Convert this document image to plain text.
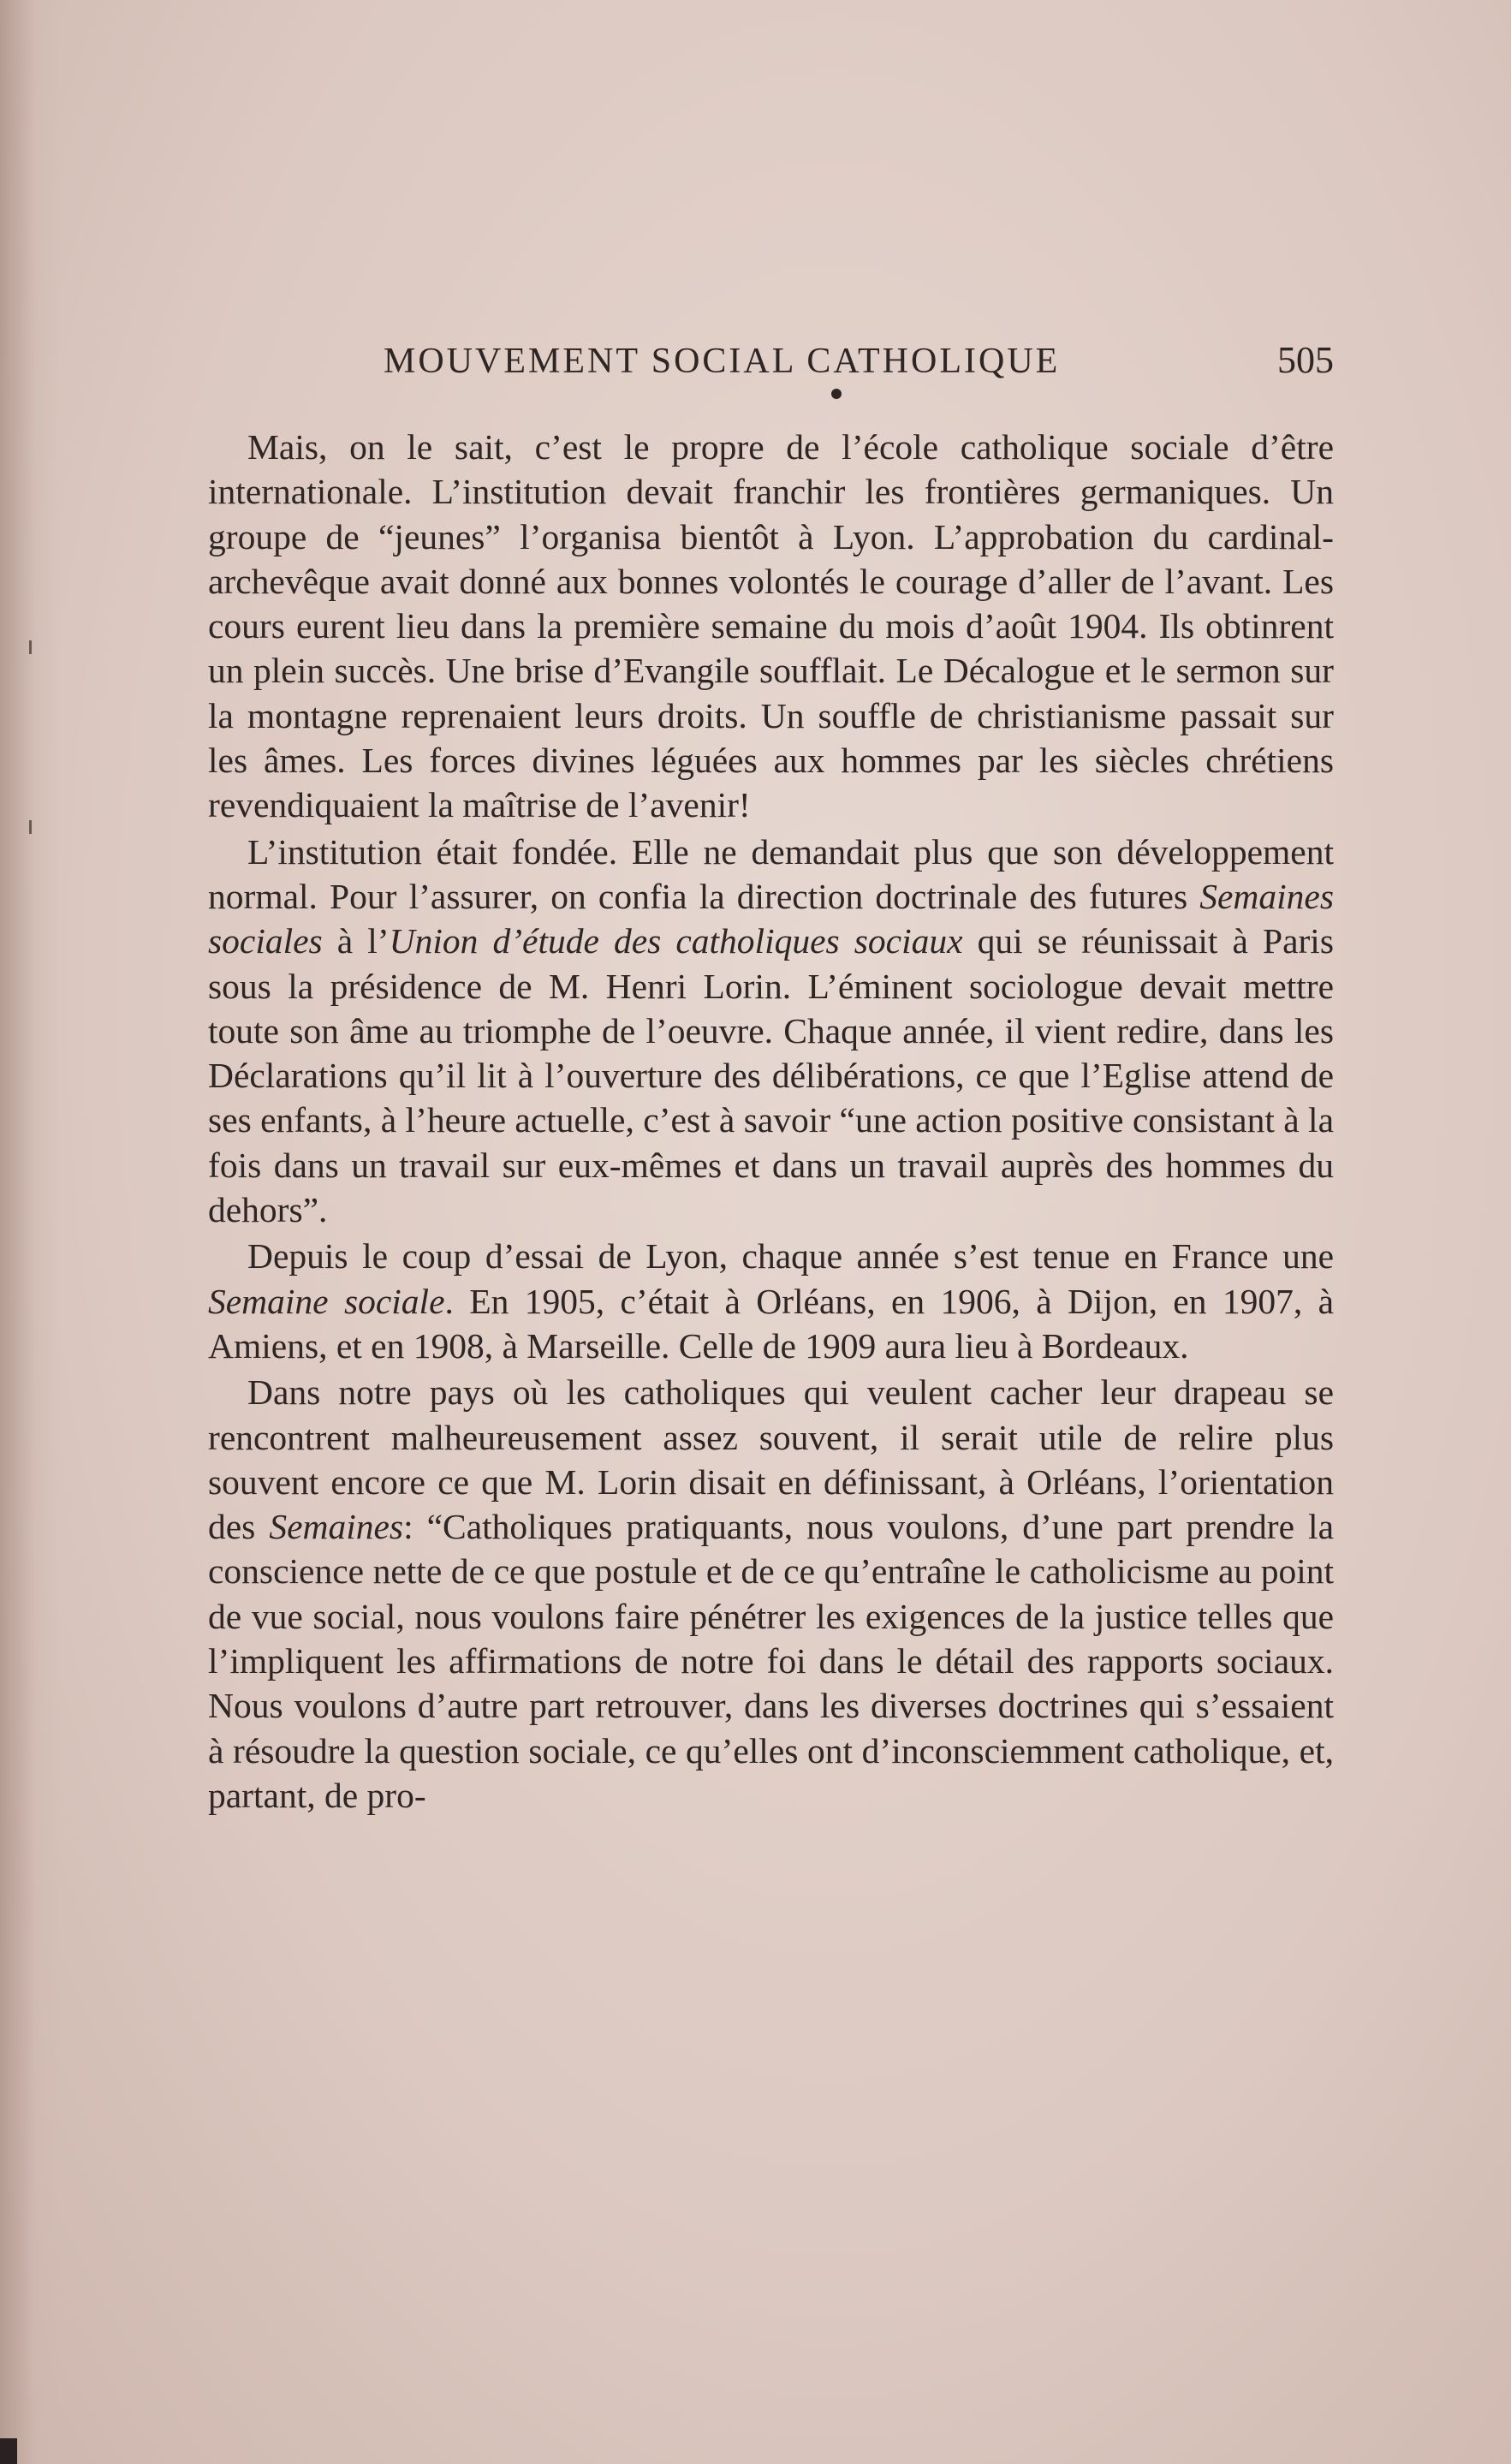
MOUVEMENT SOCIAL CATHOLIQUE	505

Mais, on le sait, c’est le propre de l’école catholique sociale d’être internationale. L’institution devait franchir les frontières germaniques. Un groupe de “jeunes” l’organisa bientôt à Lyon. L’approbation du cardinal-archevêque avait donné aux bonnes volontés le courage d’aller de l’avant. Les cours eurent lieu dans la première semaine du mois d’août 1904. Ils obtinrent un plein succès. Une brise d’Evangile soufflait. Le Décalogue et le sermon sur la montagne reprenaient leurs droits. Un souffle de christianisme passait sur les âmes. Les forces divines léguées aux hommes par les siècles chrétiens revendiquaient la maîtrise de l’avenir!

L’institution était fondée. Elle ne demandait plus que son développement normal. Pour l’assurer, on confia la direction doctrinale des futures Semaines sociales à l’Union d’étude des catholiques sociaux qui se réunissait à Paris sous la présidence de M. Henri Lorin. L’éminent sociologue devait mettre toute son âme au triomphe de l’oeuvre. Chaque année, il vient redire, dans les Déclarations qu’il lit à l’ouverture des délibérations, ce que l’Eglise attend de ses enfants, à l’heure actuelle, c’est à savoir “une action positive consistant à la fois dans un travail sur eux-mêmes et dans un travail auprès des hommes du dehors”.

Depuis le coup d’essai de Lyon, chaque année s’est tenue en France une Semaine sociale. En 1905, c’était à Orléans, en 1906, à Dijon, en 1907, à Amiens, et en 1908, à Marseille. Celle de 1909 aura lieu à Bordeaux.

Dans notre pays où les catholiques qui veulent cacher leur drapeau se rencontrent malheureusement assez souvent, il serait utile de relire plus souvent encore ce que M. Lorin disait en définissant, à Orléans, l’orientation des Semaines: “Catholiques pratiquants, nous voulons, d’une part prendre la conscience nette de ce que postule et de ce qu’entraîne le catholicisme au point de vue social, nous voulons faire pénétrer les exigences de la justice telles que l’impliquent les affirmations de notre foi dans le détail des rapports sociaux. Nous voulons d’autre part retrouver, dans les diverses doctrines qui s’essaient à résoudre la question sociale, ce qu’elles ont d’inconsciemment catholique, et, partant, de pro-
